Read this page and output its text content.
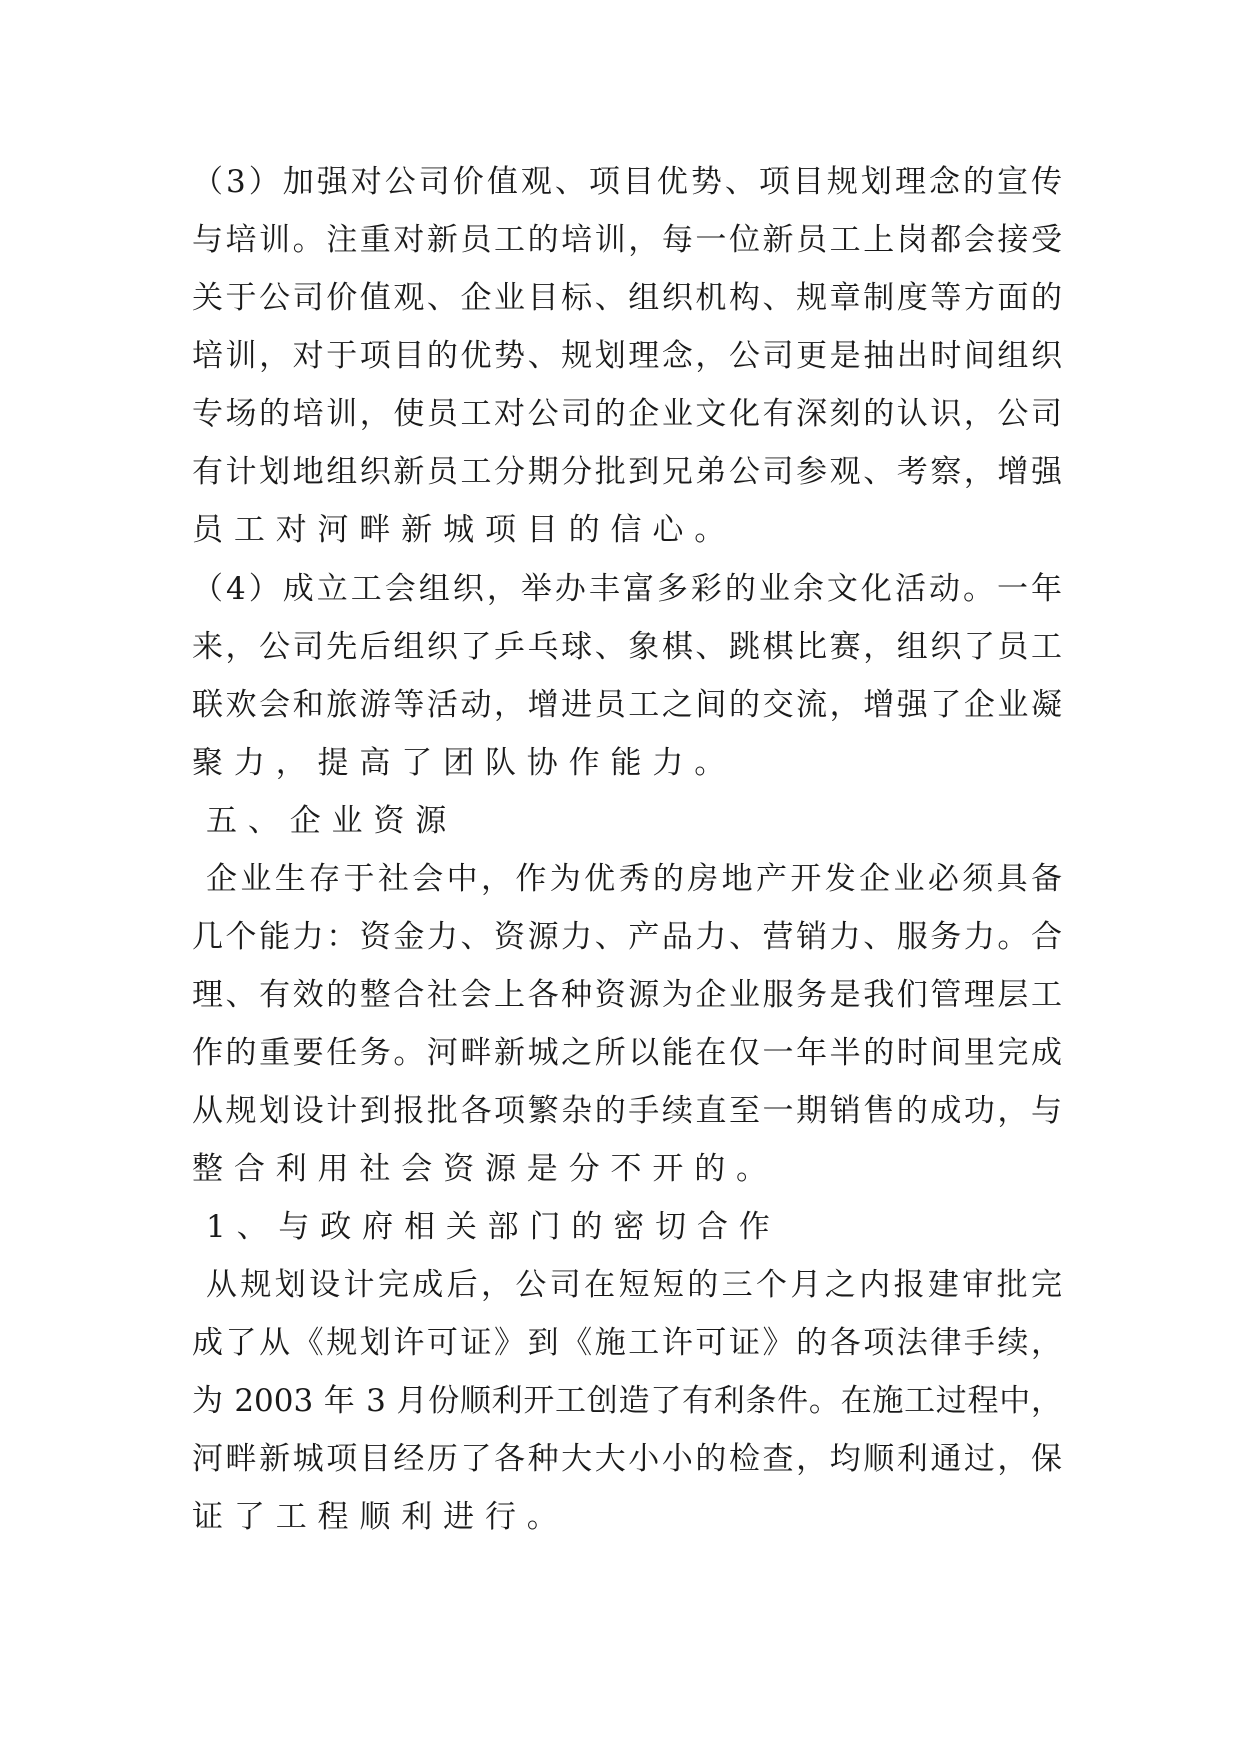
（3）加强对公司价值观、项目优势、项目规划理念的宣传
与培训。注重对新员工的培训，每一位新员工上岗都会接受
关于公司价值观、企业目标、组织机构、规章制度等方面的
培训，对于项目的优势、规划理念，公司更是抽出时间组织
专场的培训，使员工对公司的企业文化有深刻的认识，公司
有计划地组织新员工分期分批到兄弟公司参观、考察，增强
员工对河畔新城项目的信心。
（4）成立工会组织，举办丰富多彩的业余文化活动。一年
来，公司先后组织了乒乓球、象棋、跳棋比赛，组织了员工
联欢会和旅游等活动，增进员工之间的交流，增强了企业凝
聚力，提高了团队协作能力。
五、企业资源
企业生存于社会中，作为优秀的房地产开发企业必须具备
几个能力：资金力、资源力、产品力、营销力、服务力。合
理、有效的整合社会上各种资源为企业服务是我们管理层工
作的重要任务。河畔新城之所以能在仅一年半的时间里完成
从规划设计到报批各项繁杂的手续直至一期销售的成功，与
整合利用社会资源是分不开的。
1、与政府相关部门的密切合作
从规划设计完成后，公司在短短的三个月之内报建审批完
成了从《规划许可证》到《施工许可证》的各项法律手续，
为 2003 年 3 月份顺利开工创造了有利条件。在施工过程中，
河畔新城项目经历了各种大大小小的检查，均顺利通过，保
证了工程顺利进行。
